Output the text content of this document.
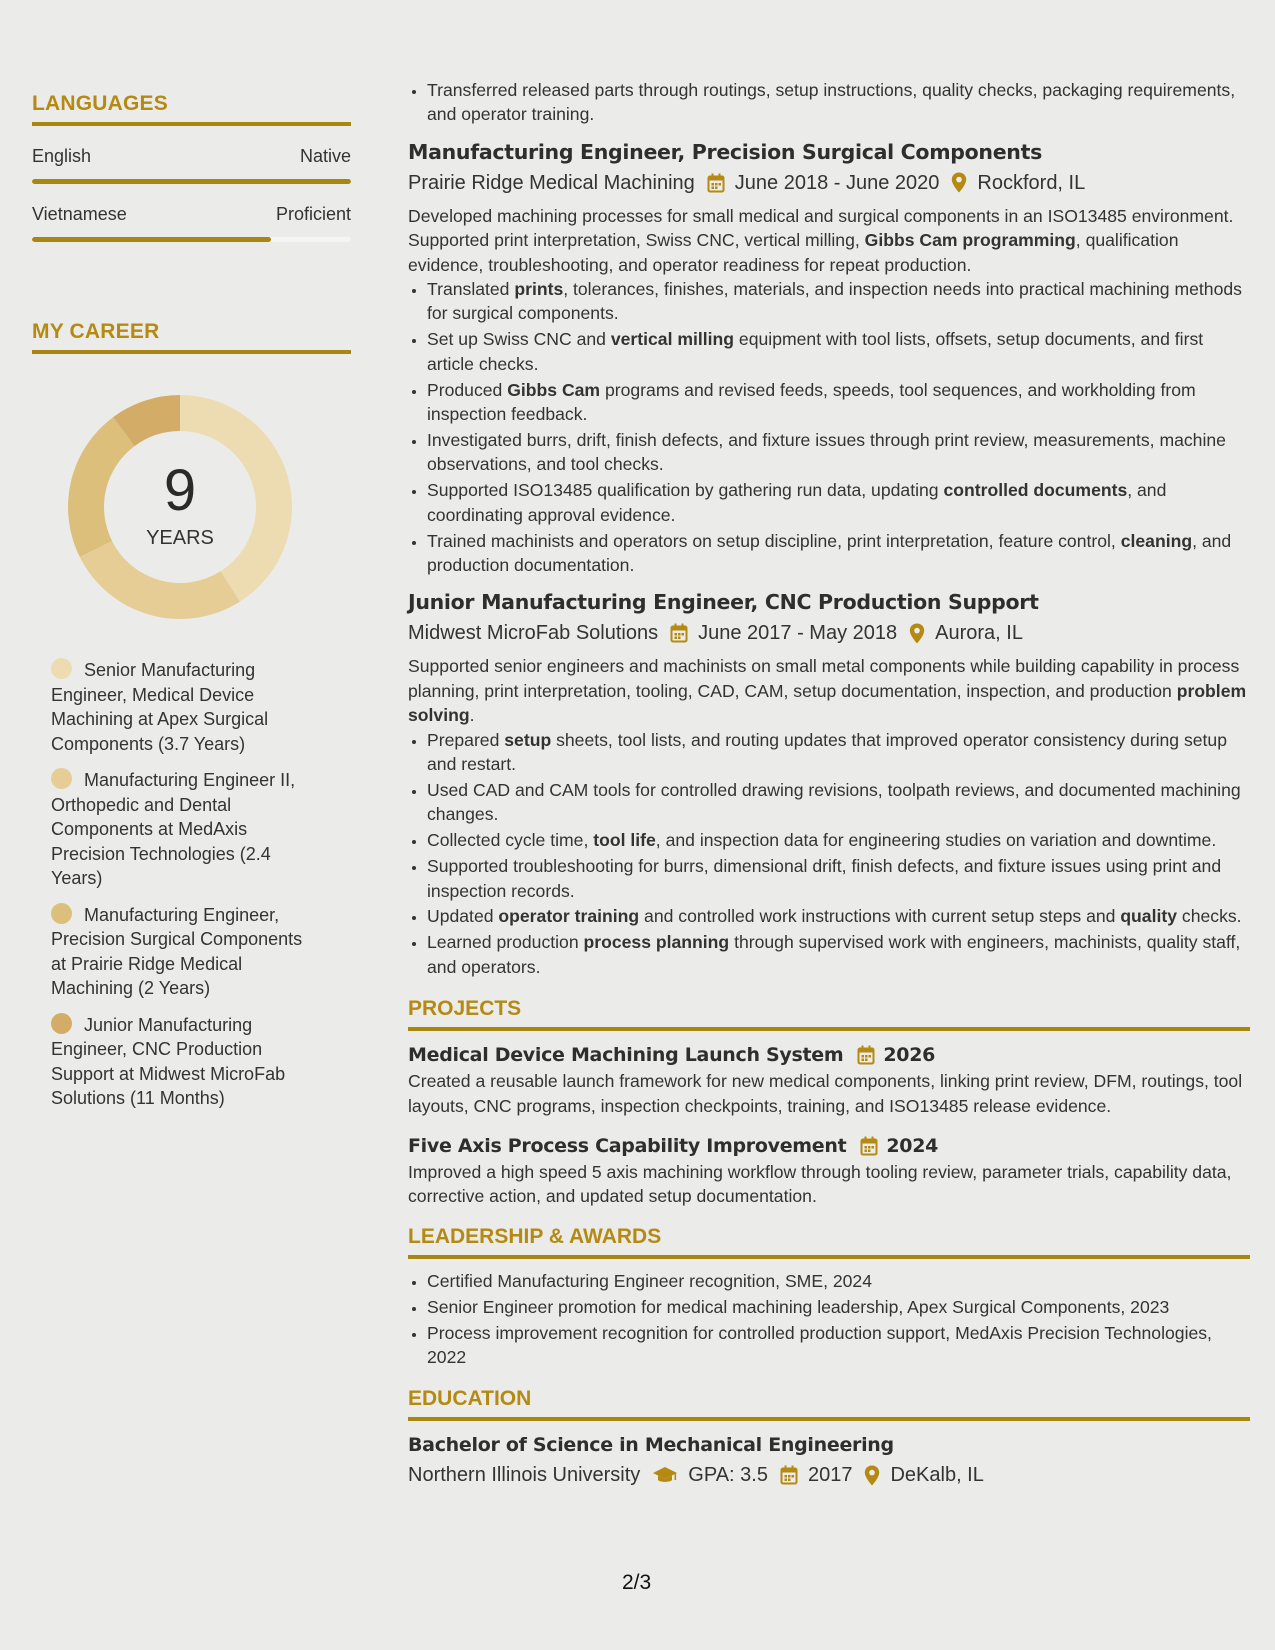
LANGUAGES
English	Native
Vietnamese	Proficient
MY CAREER
9
YEARS
Senior Manufacturing Engineer, Medical Device Machining at Apex Surgical Components (3.7 Years)
Manufacturing Engineer II, Orthopedic and Dental Components at MedAxis Precision Technologies (2.4 Years)
Manufacturing Engineer, Precision Surgical Components at Prairie Ridge Medical Machining (2 Years)
Junior Manufacturing Engineer, CNC Production Support at Midwest MicroFab Solutions (11 Months)
• Transferred released parts through routings, setup instructions, quality checks, packaging requirements, and operator training.
Manufacturing Engineer, Precision Surgical Components
Prairie Ridge Medical Machining June 2018 - June 2020 Rockford, IL

Developed machining processes for small medical and surgical components in an ISO13485 environment. Supported print interpretation, Swiss CNC, vertical milling, Gibbs Cam programming, qualification evidence, troubleshooting, and operator readiness for repeat production.

• Translated prints, tolerances, finishes, materials, and inspection needs into practical machining methods for surgical components.
• Set up Swiss CNC and vertical milling equipment with tool lists, offsets, setup documents, and first article checks.
• Produced Gibbs Cam programs and revised feeds, speeds, tool sequences, and workholding from inspection feedback.
• Investigated burrs, drift, finish defects, and fixture issues through print review, measurements, machine observations, and tool checks.
• Supported ISO13485 qualification by gathering run data, updating controlled documents, and coordinating approval evidence.
• Trained machinists and operators on setup discipline, print interpretation, feature control, cleaning, and production documentation.
Junior Manufacturing Engineer, CNC Production Support
Midwest MicroFab Solutions June 2017 - May 2018 Aurora, IL

Supported senior engineers and machinists on small metal components while building capability in process planning, print interpretation, tooling, CAD, CAM, setup documentation, inspection, and production problem solving.

• Prepared setup sheets, tool lists, and routing updates that improved operator consistency during setup and restart.
• Used CAD and CAM tools for controlled drawing revisions, toolpath reviews, and documented machining changes.
• Collected cycle time, tool life, and inspection data for engineering studies on variation and downtime.
• Supported troubleshooting for burrs, dimensional drift, finish defects, and fixture issues using print and inspection records.
• Updated operator training and controlled work instructions with current setup steps and quality checks.
• Learned production process planning through supervised work with engineers, machinists, quality staff, and operators.
PROJECTS
Medical Device Machining Launch System 2026
Created a reusable launch framework for new medical components, linking print review, DFM, routings, tool layouts, CNC programs, inspection checkpoints, training, and ISO13485 release evidence.
Five Axis Process Capability Improvement 2024
Improved a high speed 5 axis machining workflow through tooling review, parameter trials, capability data, corrective action, and updated setup documentation.
LEADERSHIP & AWARDS
• Certified Manufacturing Engineer recognition, SME, 2024
• Senior Engineer promotion for medical machining leadership, Apex Surgical Components, 2023
• Process improvement recognition for controlled production support, MedAxis Precision Technologies, 2022
EDUCATION
Bachelor of Science in Mechanical Engineering
Northern Illinois University GPA: 3.5 2017 DeKalb, IL
2/3
